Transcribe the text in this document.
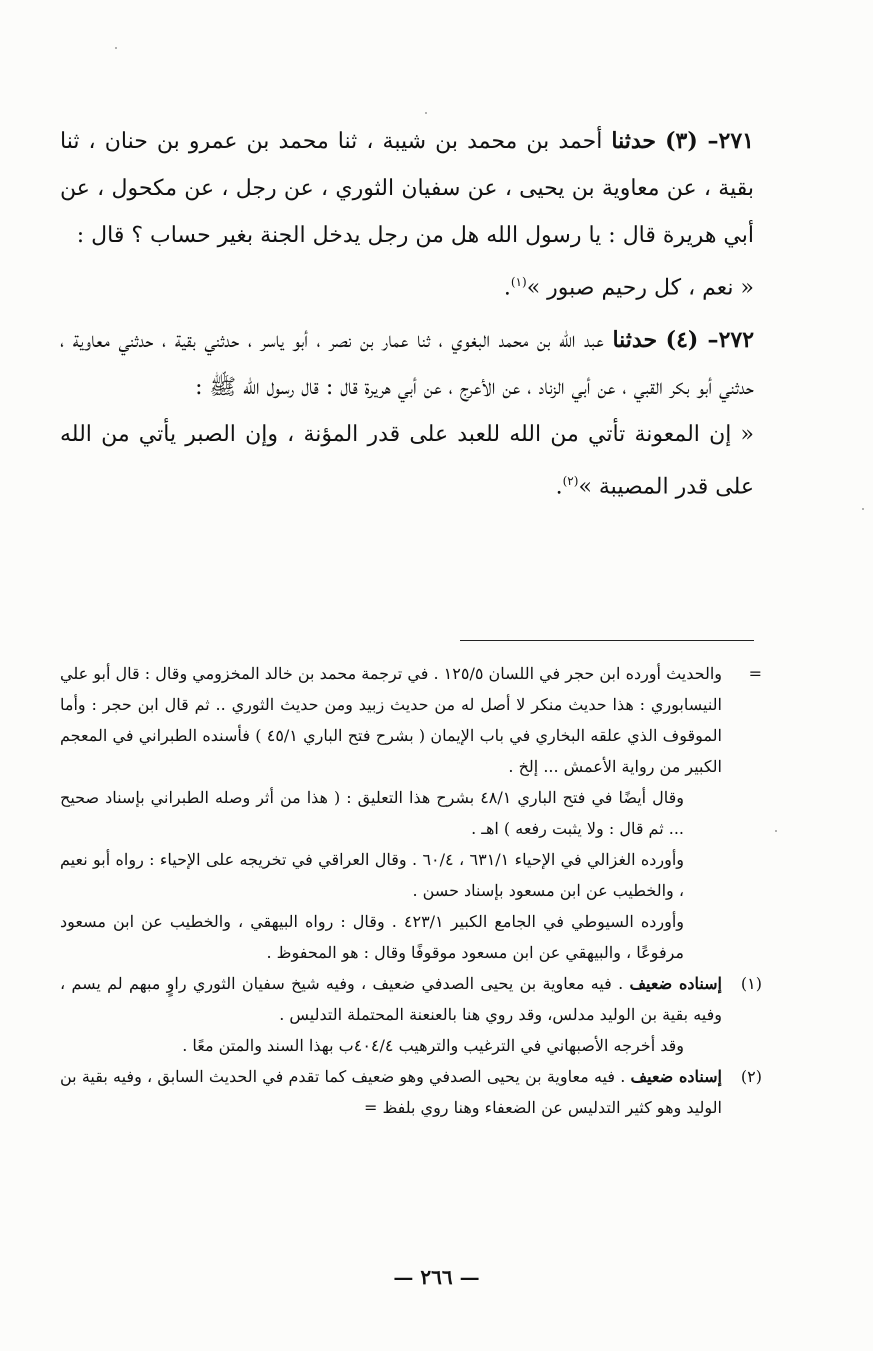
٢٧١– (٣) حدثنا أحمد بن محمد بن شيبة ، ثنا محمد بن عمرو بن حنان ، ثنا بقية ، عن معاوية بن يحيى ، عن سفيان الثوري ، عن رجل ، عن مكحول ، عن أبي هريرة قال : يا رسول الله هل من رجل يدخل الجنة بغير حساب ؟ قال :

« نعم ، كل رحيم صبور »$^{(١)}$.

٢٧٢– (٤) حدثنا عبد الله بن محمد البغوي ، ثنا عمار بن نصر ، أبو ياسر ، حدثني بقية ، حدثني معاوية ، حدثني أبو بكر القبي ، عن أبي الزناد ، عن الأعرج ، عن أبي هريرة قال : قال رسول الله ﷺ :

« إن المعونة تأتي من الله للعبد على قدر المؤنة ، وإن الصبر يأتي من الله على قدر المصيبة »$^{(٢)}$.

=

والحديث أورده ابن حجر في اللسان ١٢٥/٥ . في ترجمة محمد بن خالد المخزومي وقال : قال أبو علي النيسابوري : هذا حديث منكر لا أصل له من حديث زبيد ومن حديث الثوري .. ثم قال ابن حجر : وأما الموقوف الذي علقه البخاري في باب الإيمان ( بشرح فتح الباري ٤٥/١ ) فأسنده الطبراني في المعجم الكبير من رواية الأعمش ... إلخ .

وقال أيضًا في فتح الباري ٤٨/١ بشرح هذا التعليق : ( هذا من أثر وصله الطبراني بإسناد صحيح ... ثم قال : ولا يثبت رفعه ) اهـ .

وأورده الغزالي في الإحياء ٦٣١/١ ، ٦٠/٤ . وقال العراقي في تخريجه على الإحياء : رواه أبو نعيم ، والخطيب عن ابن مسعود بإسناد حسن .

وأورده السيوطي في الجامع الكبير ٤٢٣/١ . وقال : رواه البيهقي ، والخطيب عن ابن مسعود مرفوعًا ، والبيهقي عن ابن مسعود موقوفًا وقال : هو المحفوظ .

(١)

إسناده ضعيف . فيه معاوية بن يحيى الصدفي ضعيف ، وفيه شيخ سفيان الثوري راوٍ مبهم لم يسم ، وفيه بقية بن الوليد مدلس، وقد روي هنا بالعنعنة المحتملة التدليس .

وقد أخرجه الأصبهاني في الترغيب والترهيب ٤٠٤/٤ب بهذا السند والمتن معًا .

(٢)

إسناده ضعيف . فيه معاوية بن يحيى الصدفي وهو ضعيف كما تقدم في الحديث السابق ، وفيه بقية بن الوليد وهو كثير التدليس عن الضعفاء وهنا روي بلفظ =

— ٢٦٦ —
